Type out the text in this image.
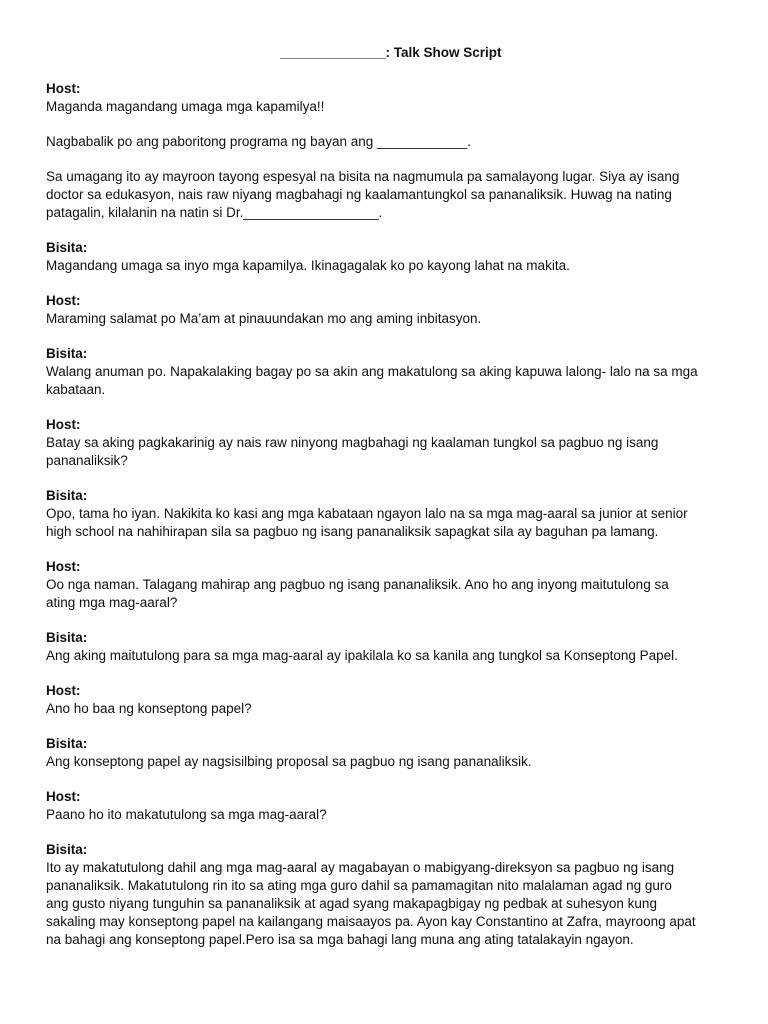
______________: Talk Show Script

Host:

Maganda magandang umaga mga kapamilya!!

Nagbabalik po ang paboritong programa ng bayan ang ____________.

Sa umagang ito ay mayroon tayong espesyal na bisita na nagmumula pa samalayong lugar. Siya ay isang

doctor sa edukasyon, nais raw niyang magbahagi ng kaalamantungkol sa pananaliksik. Huwag na nating

patagalin, kilalanin na natin si Dr.__________________.

Bisita:

Magandang umaga sa inyo mga kapamilya. Ikinagagalak ko po kayong lahat na makita.

Host:

Maraming salamat po Ma’am at pinauundakan mo ang aming inbitasyon.

Bisita:

Walang anuman po. Napakalaking bagay po sa akin ang makatulong sa aking kapuwa lalong- lalo na sa mga

kabataan.

Host:

Batay sa aking pagkakarinig ay nais raw ninyong magbahagi ng kaalaman tungkol sa pagbuo ng isang

pananaliksik?

Bisita:

Opo, tama ho iyan. Nakikita ko kasi ang mga kabataan ngayon lalo na sa mga mag-aaral sa junior at senior

high school na nahihirapan sila sa pagbuo ng isang pananaliksik sapagkat sila ay baguhan pa lamang.

Host:

Oo nga naman. Talagang mahirap ang pagbuo ng isang pananaliksik. Ano ho ang inyong maitutulong sa

ating mga mag-aaral?

Bisita:

Ang aking maitutulong para sa mga mag-aaral ay ipakilala ko sa kanila ang tungkol sa Konseptong Papel.

Host:

Ano ho baa ng konseptong papel?

Bisita:

Ang konseptong papel ay nagsisilbing proposal sa pagbuo ng isang pananaliksik.

Host:

Paano ho ito makatutulong sa mga mag-aaral?

Bisita:

Ito ay makatutulong dahil ang mga mag-aaral ay magabayan o mabigyang-direksyon sa pagbuo ng isang

pananaliksik. Makatutulong rin ito sa ating mga guro dahil sa pamamagitan nito malalaman agad ng guro

ang gusto niyang tunguhin sa pananaliksik at agad syang makapagbigay ng pedbak at suhesyon kung

sakaling may konseptong papel na kailangang maisaayos pa. Ayon kay Constantino at Zafra, mayroong apat

na bahagi ang konseptong papel.Pero isa sa mga bahagi lang muna ang ating tatalakayin ngayon.
